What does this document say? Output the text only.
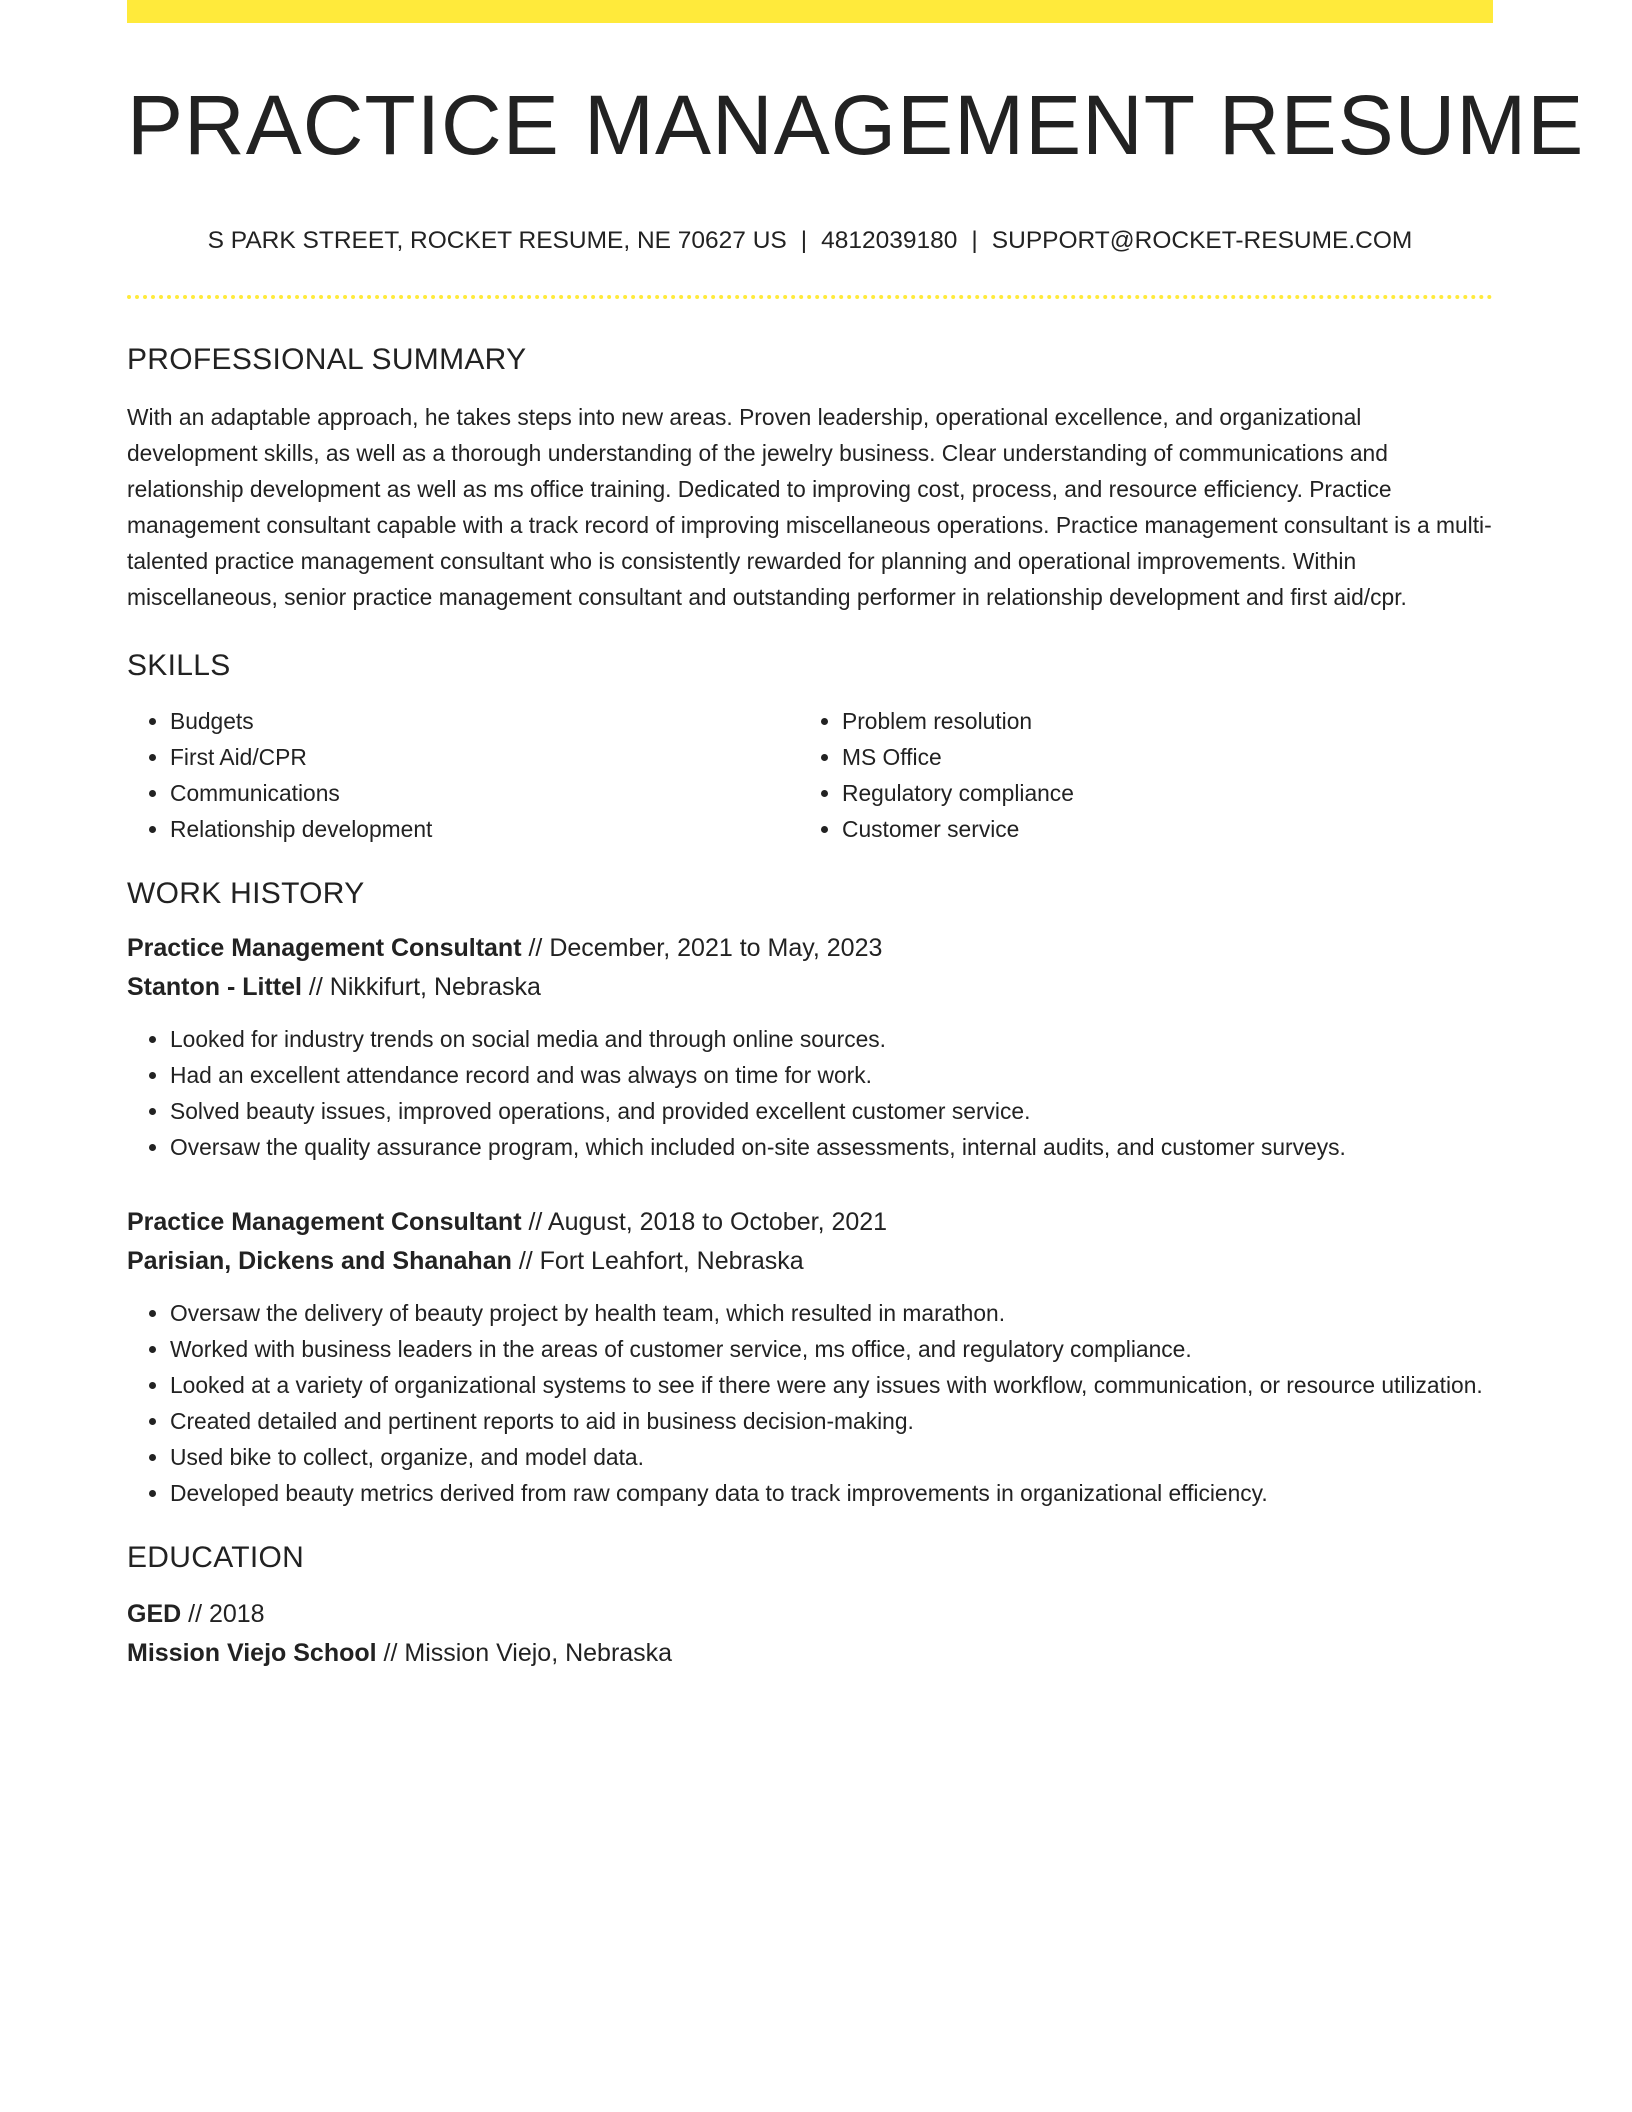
PRACTICE MANAGEMENT RESUME
S PARK STREET, ROCKET RESUME, NE 70627 US | 4812039180 | SUPPORT@ROCKET-RESUME.COM
PROFESSIONAL SUMMARY
With an adaptable approach, he takes steps into new areas. Proven leadership, operational excellence, and organizational development skills, as well as a thorough understanding of the jewelry business. Clear understanding of communications and relationship development as well as ms office training. Dedicated to improving cost, process, and resource efficiency. Practice management consultant capable with a track record of improving miscellaneous operations. Practice management consultant is a multi-talented practice management consultant who is consistently rewarded for planning and operational improvements. Within miscellaneous, senior practice management consultant and outstanding performer in relationship development and first aid/cpr.
SKILLS
• Budgets
• First Aid/CPR
• Communications
• Relationship development
• Problem resolution
• MS Office
• Regulatory compliance
• Customer service
WORK HISTORY
Practice Management Consultant // December, 2021 to May, 2023
Stanton - Littel // Nikkifurt, Nebraska
• Looked for industry trends on social media and through online sources.
• Had an excellent attendance record and was always on time for work.
• Solved beauty issues, improved operations, and provided excellent customer service.
• Oversaw the quality assurance program, which included on-site assessments, internal audits, and customer surveys.
Practice Management Consultant // August, 2018 to October, 2021
Parisian, Dickens and Shanahan // Fort Leahfort, Nebraska
• Oversaw the delivery of beauty project by health team, which resulted in marathon.
• Worked with business leaders in the areas of customer service, ms office, and regulatory compliance.
• Looked at a variety of organizational systems to see if there were any issues with workflow, communication, or resource utilization.
• Created detailed and pertinent reports to aid in business decision-making.
• Used bike to collect, organize, and model data.
• Developed beauty metrics derived from raw company data to track improvements in organizational efficiency.
EDUCATION
GED // 2018
Mission Viejo School // Mission Viejo, Nebraska
